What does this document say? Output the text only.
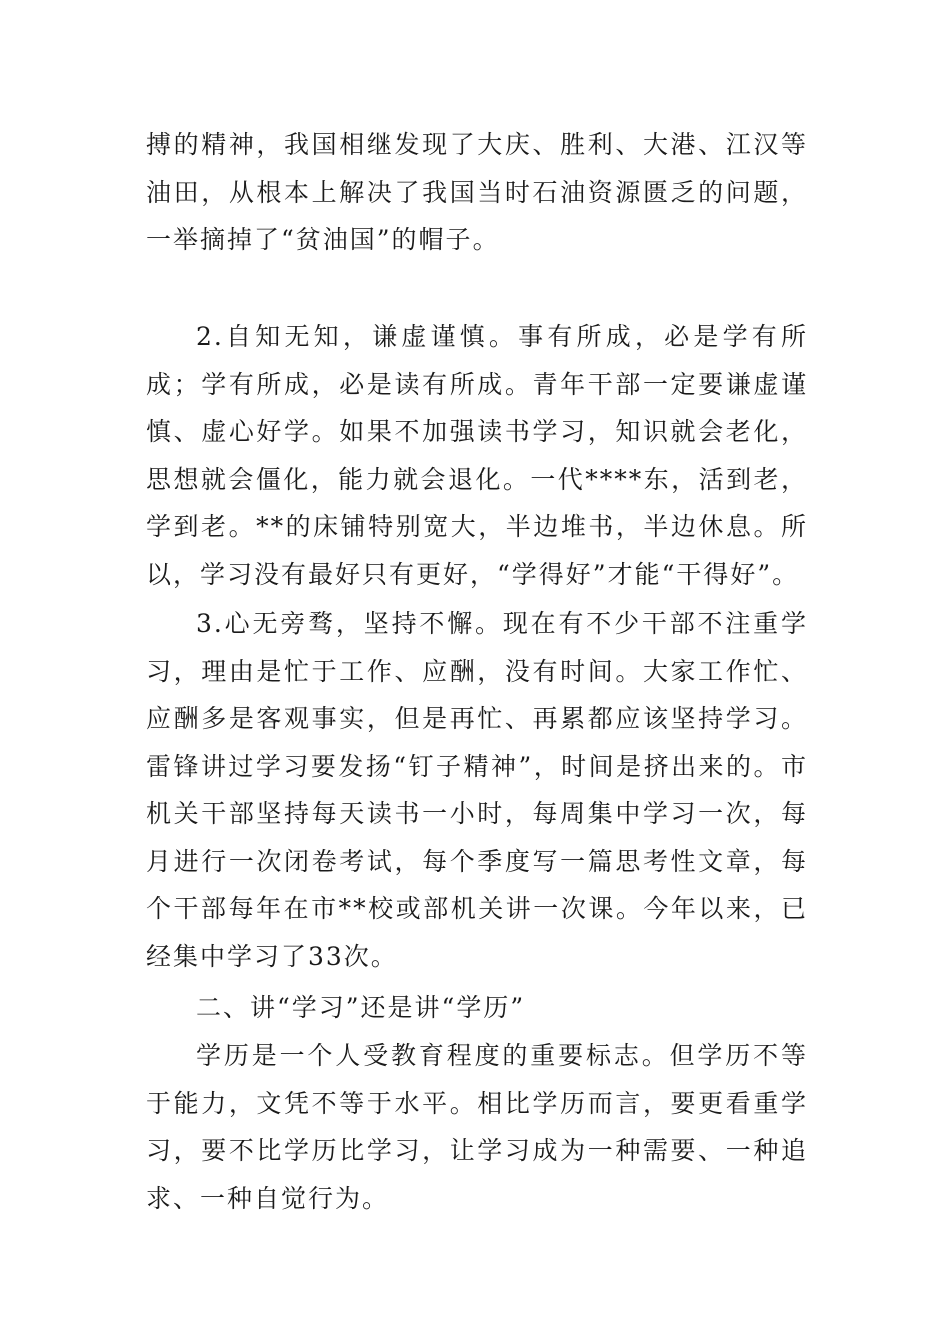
搏的精神，我国相继发现了大庆、胜利、大港、江汉等油田，从根本上解决了我国当时石油资源匮乏的问题，一举摘掉了“贫油国”的帽子。

2.自知无知，谦虚谨慎。事有所成，必是学有所成；学有所成，必是读有所成。青年干部一定要谦虚谨慎、虚心好学。如果不加强读书学习，知识就会老化，思想就会僵化，能力就会退化。一代****东，活到老，学到老。**的床铺特别宽大，半边堆书，半边休息。所以，学习没有最好只有更好，“学得好”才能“干得好”。

3.心无旁骛，坚持不懈。现在有不少干部不注重学习，理由是忙于工作、应酬，没有时间。大家工作忙、应酬多是客观事实，但是再忙、再累都应该坚持学习。雷锋讲过学习要发扬“钉子精神”，时间是挤出来的。市机关干部坚持每天读书一小时，每周集中学习一次，每月进行一次闭卷考试，每个季度写一篇思考性文章，每个干部每年在市**校或部机关讲一次课。今年以来，已经集中学习了33次。

二、讲“学习”还是讲“学历”

学历是一个人受教育程度的重要标志。但学历不等于能力，文凭不等于水平。相比学历而言，要更看重学习，要不比学历比学习，让学习成为一种需要、一种追求、一种自觉行为。
